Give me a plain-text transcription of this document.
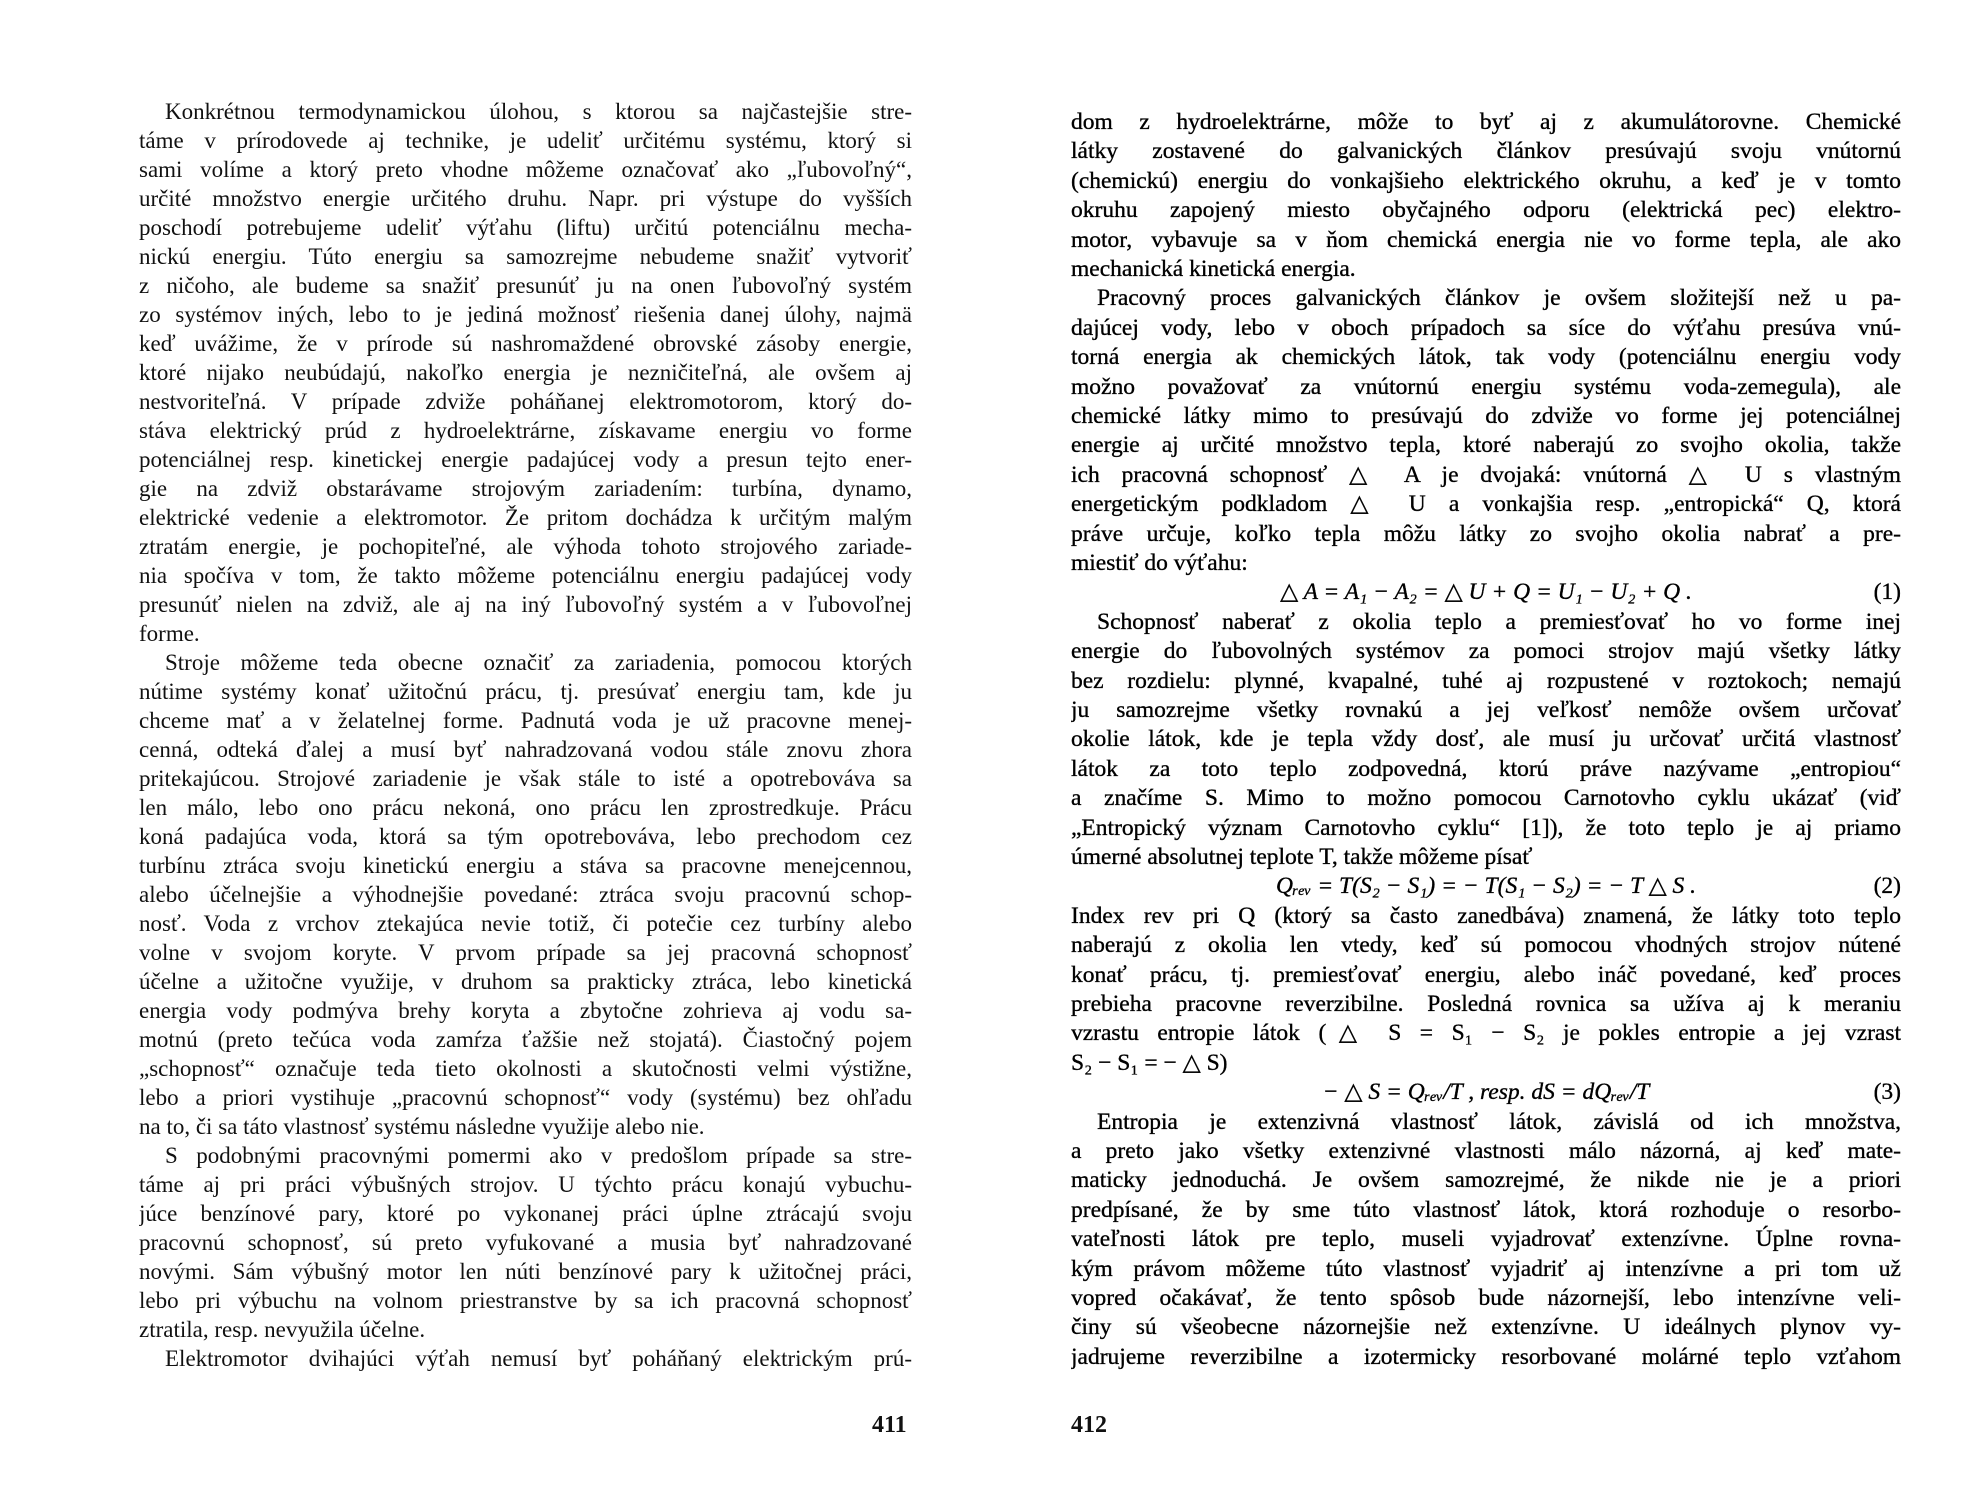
Konkrétnou termodynamickou úlohou, s ktorou sa najčastejšie stre-
táme v prírodovede aj technike, je udeliť určitému systému, ktorý si
sami volíme a ktorý preto vhodne môžeme označovať ako „ľubovoľný“,
určité množstvo energie určitého druhu. Napr. pri výstupe do vyšších
poschodí potrebujeme udeliť výťahu (liftu) určitú potenciálnu mecha-
nickú energiu. Túto energiu sa samozrejme nebudeme snažiť vytvoriť
z ničoho, ale budeme sa snažiť presunúť ju na onen ľubovoľný systém
zo systémov iných, lebo to je jediná možnosť riešenia danej úlohy, najmä
keď uvážime, že v prírode sú nashromaždené obrovské zásoby energie,
ktoré nijako neubúdajú, nakoľko energia je nezničiteľná, ale ovšem aj
nestvoriteľná. V prípade zdviže poháňanej elektromotorom, ktorý do-
stáva elektrický prúd z hydroelektrárne, získavame energiu vo forme
potenciálnej resp. kinetickej energie padajúcej vody a presun tejto ener-
gie na zdviž obstarávame strojovým zariadením: turbína, dynamo,
elektrické vedenie a elektromotor. Že pritom dochádza k určitým malým
ztratám energie, je pochopiteľné, ale výhoda tohoto strojového zariade-
nia spočíva v tom, že takto môžeme potenciálnu energiu padajúcej vody
presunúť nielen na zdviž, ale aj na iný ľubovoľný systém a v ľubovoľnej
forme.
Stroje môžeme teda obecne označiť za zariadenia, pomocou ktorých
nútime systémy konať užitočnú prácu, tj. presúvať energiu tam, kde ju
chceme mať a v želatelnej forme. Padnutá voda je už pracovne menej-
cenná, odteká ďalej a musí byť nahradzovaná vodou stále znovu zhora
pritekajúcou. Strojové zariadenie je však stále to isté a opotrebováva sa
len málo, lebo ono prácu nekoná, ono prácu len zprostredkuje. Prácu
koná padajúca voda, ktorá sa tým opotrebováva, lebo prechodom cez
turbínu ztráca svoju kinetickú energiu a stáva sa pracovne menejcennou,
alebo účelnejšie a výhodnejšie povedané: ztráca svoju pracovnú schop-
nosť. Voda z vrchov ztekajúca nevie totiž, či potečie cez turbíny alebo
volne v svojom koryte. V prvom prípade sa jej pracovná schopnosť
účelne a užitočne využije, v druhom sa prakticky ztráca, lebo kinetická
energia vody podmýva brehy koryta a zbytočne zohrieva aj vodu sa-
motnú (preto tečúca voda zamŕza ťažšie než stojatá). Čiastočný pojem
„schopnosť“ označuje teda tieto okolnosti a skutočnosti velmi výstižne,
lebo a priori vystihuje „pracovnú schopnosť“ vody (systému) bez ohľadu
na to, či sa táto vlastnosť systému následne využije alebo nie.
S podobnými pracovnými pomermi ako v predošlom prípade sa stre-
táme aj pri práci výbušných strojov. U týchto prácu konajú vybuchu-
júce benzínové pary, ktoré po vykonanej práci úplne ztrácajú svoju
pracovnú schopnosť, sú preto vyfukované a musia byť nahradzované
novými. Sám výbušný motor len núti benzínové pary k užitočnej práci,
lebo pri výbuchu na volnom priestranstve by sa ich pracovná schopnosť
ztratila, resp. nevyužila účelne.
Elektromotor dvihajúci výťah nemusí byť poháňaný elektrickým prú-
dom z hydroelektrárne, môže to byť aj z akumulátorovne. Chemické
látky zostavené do galvanických článkov presúvajú svoju vnútornú
(chemickú) energiu do vonkajšieho elektrického okruhu, a keď je v tomto
okruhu zapojený miesto obyčajného odporu (elektrická pec) elektro-
motor, vybavuje sa v ňom chemická energia nie vo forme tepla, ale ako
mechanická kinetická energia.
Pracovný proces galvanických článkov je ovšem složitejší než u pa-
dajúcej vody, lebo v oboch prípadoch sa síce do výťahu presúva vnú-
torná energia ak chemických látok, tak vody (potenciálnu energiu vody
možno považovať za vnútornú energiu systému voda-zemegula), ale
chemické látky mimo to presúvajú do zdviže vo forme jej potenciálnej
energie aj určité množstvo tepla, ktoré naberajú zo svojho okolia, takže
ich pracovná schopnosť △ A je dvojaká: vnútorná △ U s vlastným
energetickým podkladom △ U a vonkajšia resp. „entropická“ Q, ktorá
práve určuje, koľko tepla môžu látky zo svojho okolia nabrať a pre-
miestiť do výťahu:
△ A = A₁ − A₂ = △ U + Q = U₁ − U₂ + Q .	(1)
Schopnosť naberať z okolia teplo a premiesťovať ho vo forme inej
energie do ľubovolných systémov za pomoci strojov majú všetky látky
bez rozdielu: plynné, kvapalné, tuhé aj rozpustené v roztokoch; nemajú
ju samozrejme všetky rovnakú a jej veľkosť nemôže ovšem určovať
okolie látok, kde je tepla vždy dosť, ale musí ju určovať určitá vlastnosť
látok za toto teplo zodpovedná, ktorú práve nazývame „entropiou“
a značíme S. Mimo to možno pomocou Carnotovho cyklu ukázať (viď
„Entropický význam Carnotovho cyklu“ [1]), že toto teplo je aj priamo
úmerné absolutnej teplote T, takže môžeme písať
Qᵣₑᵥ = T(S₂ − S₁) = − T(S₁ − S₂) = − T △ S .	(2)
Index rev pri Q (ktorý sa často zanedbáva) znamená, že látky toto teplo
naberajú z okolia len vtedy, keď sú pomocou vhodných strojov nútené
konať prácu, tj. premiesťovať energiu, alebo ináč povedané, keď proces
prebieha pracovne reverzibilne. Posledná rovnica sa užíva aj k meraniu
vzrastu entropie látok (△ S = S₁ − S₂ je pokles entropie a jej vzrast
S₂ − S₁ = − △ S)
− △ S = Qᵣₑᵥ/T , resp. dS = dQᵣₑᵥ/T	(3)
Entropia je extenzivná vlastnosť látok, závislá od ich množstva,
a preto jako všetky extenzivné vlastnosti málo názorná, aj keď mate-
maticky jednoduchá. Je ovšem samozrejmé, že nikde nie je a priori
predpísané, že by sme túto vlastnosť látok, ktorá rozhoduje o resorbo-
vateľnosti látok pre teplo, museli vyjadrovať extenzívne. Úplne rovna-
kým právom môžeme túto vlastnosť vyjadriť aj intenzívne a pri tom už
vopred očakávať, že tento spôsob bude názornejší, lebo intenzívne veli-
činy sú všeobecne názornejšie než extenzívne. U ideálnych plynov vy-
jadrujeme reverzibilne a izotermicky resorbované molárné teplo vzťahom
411	412
